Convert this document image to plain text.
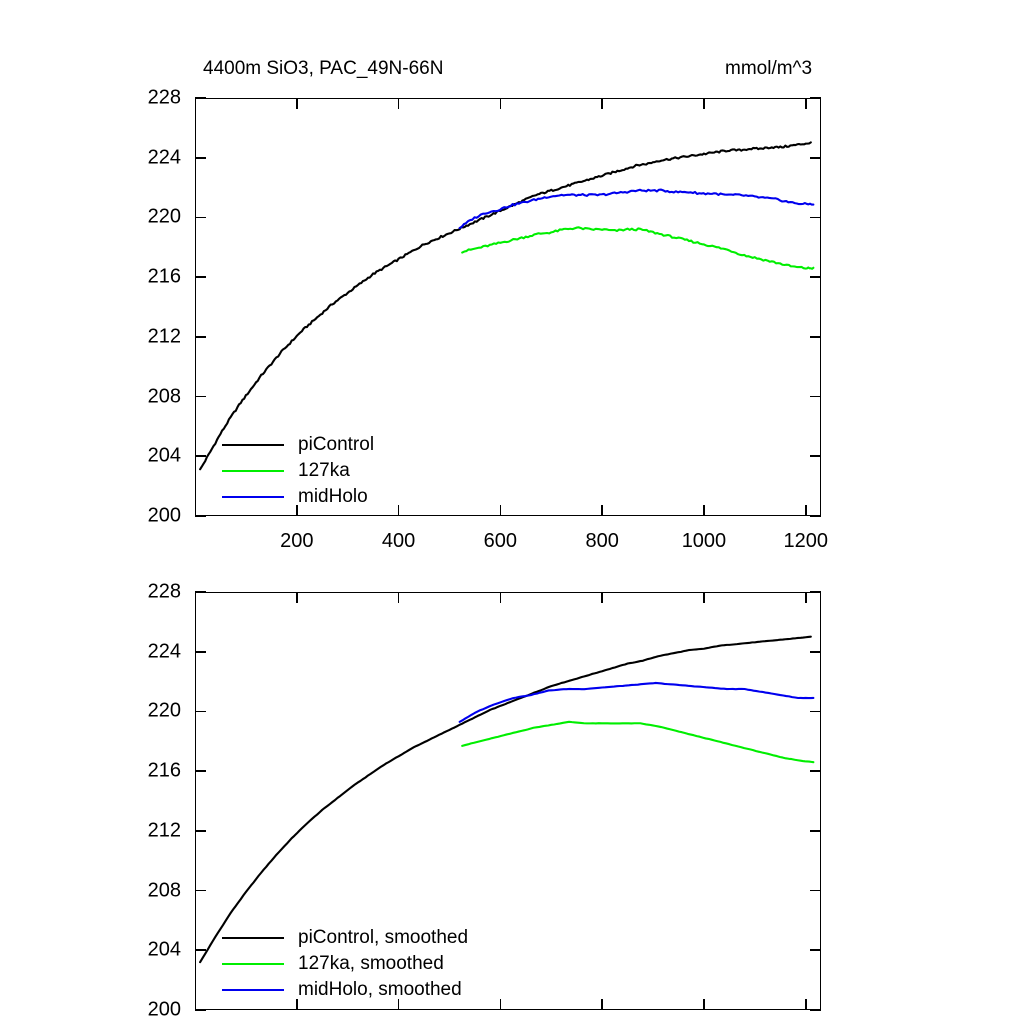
4400m SiO3, PAC_49N-66N	mmol/m^3
200
204
208
212
216
220
224
228
200	400	600	800	1000	1200
piControl
127ka
midHolo
200
204
208
212
216
220
224
228
piControl, smoothed
127ka, smoothed
midHolo, smoothed
